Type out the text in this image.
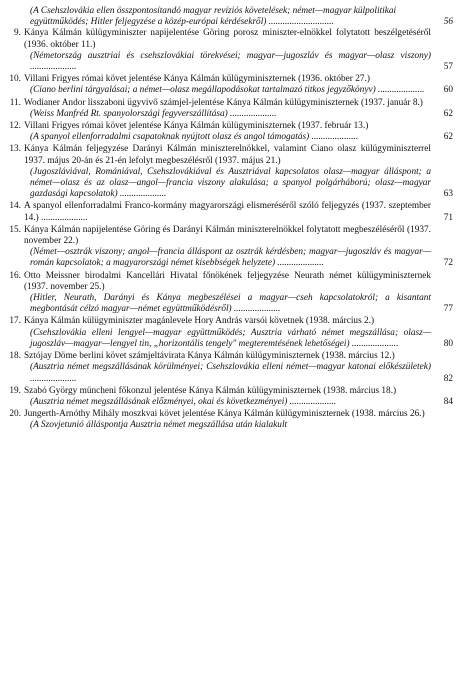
(A Csehszlovákia ellen összpontosítandó magyar revíziós követelések; német—magyar külpolitikai együttműködés; Hitler feljegyzése a közép-európai kérdésekről) ............................	56
9. Kánya Kálmán külügyminiszter napijelentése Göring porosz miniszter-elnökkel folytatott beszélgetéséről (1936. október 11.)
(Németország ausztriai és csehszlovákiai törekvései; magyar—jugoszláv és magyar—olasz viszony) ....................	57
10. Villani Frigyes római követ jelentése Kánya Kálmán külügyminiszternek (1936. október 27.)
(Ciano berlini tárgyalásai; a német—olasz megállapodásokat tartalmazó titkos jegyzőkönyv) ....................	60
11. Wodianer Andor lisszaboni ügyvivő számjel-jelentése Kánya Kálmán külügyminiszternek (1937. január 8.)
(Weiss Manfréd Rt. spanyolországi fegyverszállítása) ....................	62
12. Villani Frigyes római követ jelentése Kánya Kálmán külügyminiszternek (1937. február 13.)
(A spanyol ellenforradalmi csapatoknak nyújtott olasz és angol támogatás) ....................	62
13. Kánya Kálmán feljegyzése Darányi Kálmán miniszterelnökkel, valamint Ciano olasz külügyminiszterrel 1937. május 20-án és 21-én lefolyt megbeszélésről (1937. május 21.)
(Jugoszláviával, Romániával, Csehszlovákiával és Ausztriával kapcsolatos olasz—magyar álláspont; a német—olasz és az olasz—angol—francia viszony alakulása; a spanyol polgárháború; olasz—magyar gazdasági kapcsolatok) ....................	63
14. A spanyol ellenforradalmi Franco-kormány magyarországi elismeréséről szóló feljegyzés (1937. szeptember 14.) ....................	71
15. Kánya Kálmán napijelentése Göring és Darányi Kálmán miniszterelnökkel folytatott megbeszéléséről (1937. november 22.)
(Német—osztrák viszony; angol—francia álláspont az osztrák kérdésben; magyar—jugoszláv és magyar—román kapcsolatok; a magyarországi német kisebbségek helyzete) ....................	72
16. Otto Meissner birodalmi Kancellári Hivatal főnökének feljegyzése Neurath német külügyminiszternek (1937. november 25.)
(Hitler, Neurath, Darányi és Kánya megbeszélései a magyar—cseh kapcsolatokról; a kisantant megbontását célzó magyar—német együttműködésről) ....................	77
17. Kánya Kálmán külügyminiszter magánlevele Hory András varsói követnek (1938. március 2.)
(Csehszlovákia elleni lengyel—magyar együttműködés; Ausztria várható német megszállása; olasz—jugoszláv—magyar—lengyel tin, „horizontális tengely" megteremtésének lehetőségei) ....................	80
18. Sztójay Döme berlini követ számjeltávirata Kánya Kálmán külügyminiszternek (1938. március 12.)
(Ausztria német megszállásának körülményei; Csehszlovákia elleni német—magyar katonai előkészületek) ....................	82
19. Szabó György müncheni főkonzul jelentése Kánya Kálmán külügyminiszternek (1938. március 18.)
(Ausztria német megszállásának előzményei, okai és következményei) ....................	84
20. Jungerth-Arnóthy Mihály moszkvai követ jelentése Kánya Kálmán külügyminiszternek (1938. március 26.)
(A Szovjetunió álláspontja Ausztria német megszállása után kialakult
